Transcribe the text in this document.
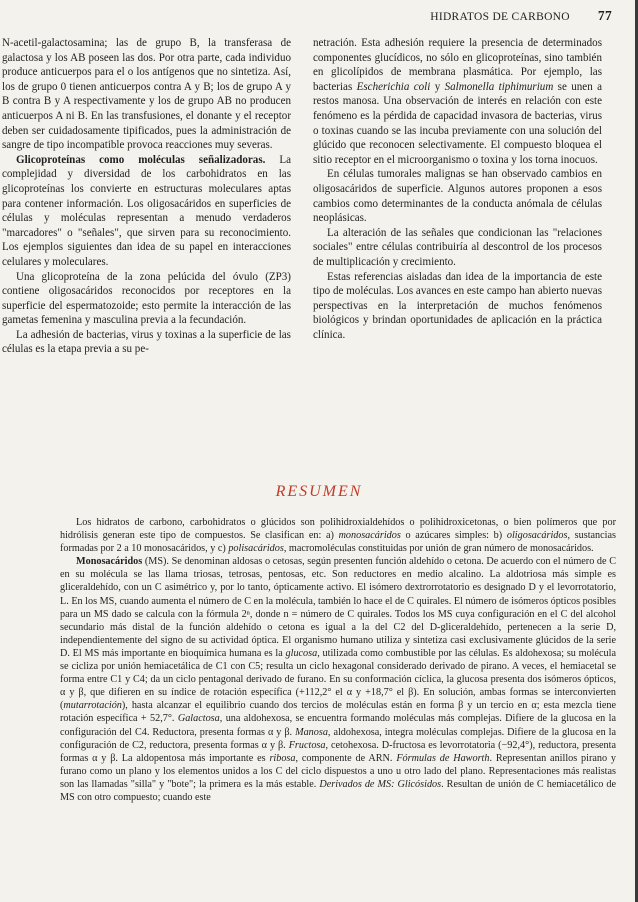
HIDRATOS DE CARBONO 77

N-acetil-galactosamina; las de grupo B, la transferasa de galactosa y los AB poseen las dos. Por otra parte, cada individuo produce anticuerpos para el o los antígenos que no sintetiza. Así, los de grupo 0 tienen anticuerpos contra A y B; los de grupo A y B contra B y A respectivamente y los de grupo AB no producen anticuerpos A ni B. En las transfusiones, el donante y el receptor deben ser cuidadosamente tipificados, pues la administración de sangre de tipo incompatible provoca reacciones muy severas.

Glicoproteínas como moléculas señalizadoras. La complejidad y diversidad de los carbohidratos en las glicoproteínas los convierte en estructuras moleculares aptas para contener información. Los oligosacáridos en superficies de células y moléculas representan a menudo verdaderos "marcadores" o "señales", que sirven para su reconocimiento. Los ejemplos siguientes dan idea de su papel en interacciones celulares y moleculares.

Una glicoproteína de la zona pelúcida del óvulo (ZP3) contiene oligosacáridos reconocidos por receptores en la superficie del espermatozoide; esto permite la interacción de las gametas femenina y masculina previa a la fecundación.

La adhesión de bacterias, virus y toxinas a la superficie de las células es la etapa previa a su pe-

netración. Esta adhesión requiere la presencia de determinados componentes glucídicos, no sólo en glicoproteínas, sino también en glicolípidos de membrana plasmática. Por ejemplo, las bacterias Escherichia coli y Salmonella tiphimurium se unen a restos manosa. Una observación de interés en relación con este fenómeno es la pérdida de capacidad invasora de bacterias, virus o toxinas cuando se las incuba previamente con una solución del glúcido que reconocen selectivamente. El compuesto bloquea el sitio receptor en el microorganismo o toxina y los torna inocuos.

En células tumorales malignas se han observado cambios en oligosacáridos de superficie. Algunos autores proponen a esos cambios como determinantes de la conducta anómala de células neoplásicas.

La alteración de las señales que condicionan las "relaciones sociales" entre células contribuiría al descontrol de los procesos de multiplicación y crecimiento.

Estas referencias aisladas dan idea de la importancia de este tipo de moléculas. Los avances en este campo han abierto nuevas perspectivas en la interpretación de muchos fenómenos biológicos y brindan oportunidades de aplicación en la práctica clínica.

RESUMEN

Los hidratos de carbono, carbohidratos o glúcidos son polihidroxialdehídos o polihidroxicetonas, o bien polímeros que por hidrólisis generan este tipo de compuestos. Se clasifican en: a) monosacáridos o azúcares simples: b) oligosacáridos, sustancias formadas por 2 a 10 monosacáridos, y c) polisacáridos, macromoléculas constituidas por unión de gran número de monosacáridos.

Monosacáridos (MS). Se denominan aldosas o cetosas, según presenten función aldehído o cetona. De acuerdo con el número de C en su molécula se las llama triosas, tetrosas, pentosas, etc. Son reductores en medio alcalino. La aldotriosa más simple es gliceraldehído, con un C asimétrico y, por lo tanto, ópticamente activo. El isómero dextrorrotatorio es designado D y el levorrotatorio, L. En los MS, cuando aumenta el número de C en la molécula, también lo hace el de C quirales. El número de isómeros ópticos posibles para un MS dado se calcula con la fórmula 2ⁿ, donde n = número de C quirales. Todos los MS cuya configuración en el C del alcohol secundario más distal de la función aldehído o cetona es igual a la del C2 del D-gliceraldehído, pertenecen a la serie D, independientemente del signo de su actividad óptica. El organismo humano utiliza y sintetiza casi exclusivamente glúcidos de la serie D. El MS más importante en bioquímica humana es la glucosa, utilizada como combustible por las células. Es aldohexosa; su molécula se cicliza por unión hemiacetálica de C1 con C5; resulta un ciclo hexagonal considerado derivado de pirano. A veces, el hemiacetal se forma entre C1 y C4; da un ciclo pentagonal derivado de furano. En su conformación cíclica, la glucosa presenta dos isómeros ópticos, α y β, que difieren en su índice de rotación específica (+112,2° el α y +18,7° el β). En solución, ambas formas se interconvierten (mutarrotación), hasta alcanzar el equilibrio cuando dos tercios de moléculas están en forma β y un tercio en α; esta mezcla tiene rotación específica + 52,7°. Galactosa, una aldohexosa, se encuentra formando moléculas más complejas. Difiere de la glucosa en la configuración del C4. Reductora, presenta formas α y β. Manosa, aldohexosa, integra moléculas complejas. Difiere de la glucosa en la configuración de C2, reductora, presenta formas α y β. Fructosa, cetohexosa. D-fructosa es levorrotatoria (−92,4°), reductora, presenta formas α y β. La aldopentosa más importante es ribosa, componente de ARN. Fórmulas de Haworth. Representan anillos pirano y furano como un plano y los elementos unidos a los C del ciclo dispuestos a uno u otro lado del plano. Representaciones más realistas son las llamadas "silla" y "bote"; la primera es la más estable. Derivados de MS: Glicósidos. Resultan de unión de C hemiacetálico de MS con otro compuesto; cuando este
